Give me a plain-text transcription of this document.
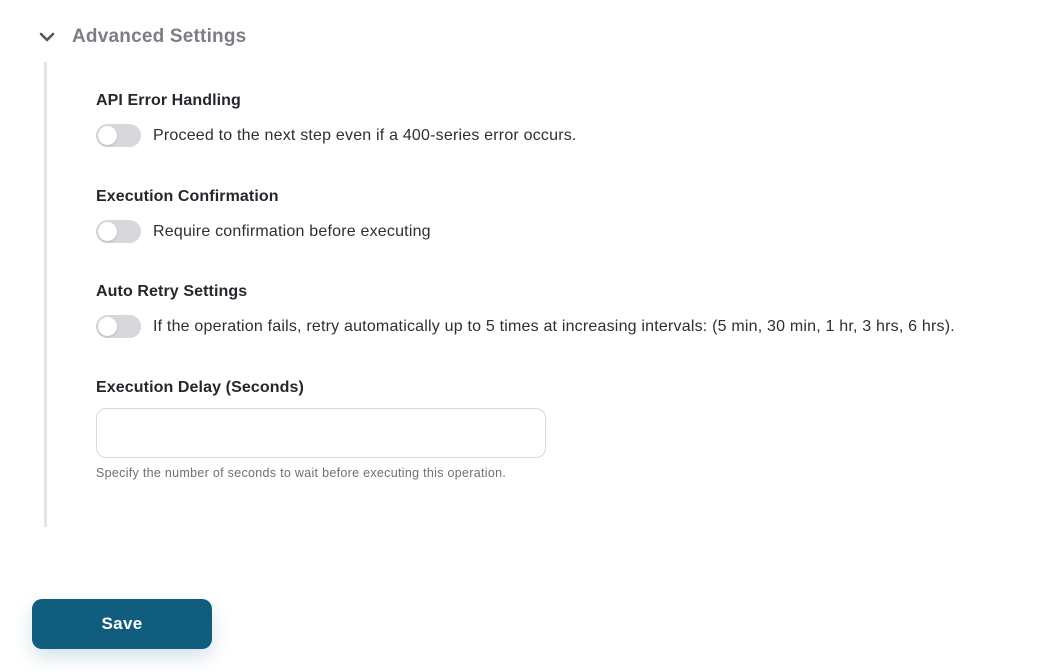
Advanced Settings
API Error Handling
Proceed to the next step even if a 400-series error occurs.
Execution Confirmation
Require confirmation before executing
Auto Retry Settings
If the operation fails, retry automatically up to 5 times at increasing intervals: (5 min, 30 min, 1 hr, 3 hrs, 6 hrs).
Execution Delay (Seconds)
Specify the number of seconds to wait before executing this operation.
Save
